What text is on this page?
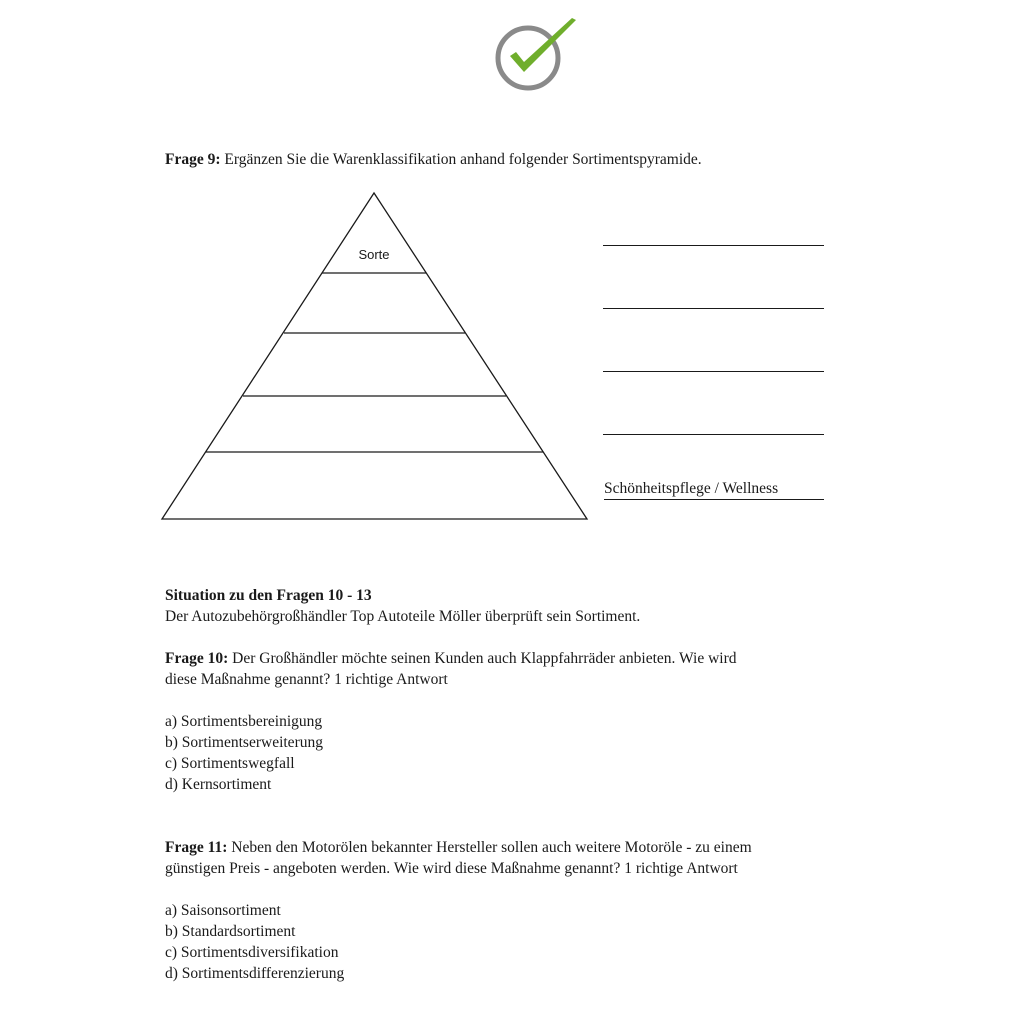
Frage 9: Ergänzen Sie die Warenklassifikation anhand folgender Sortimentspyramide.
Sorte
Schönheitspflege / Wellness

Situation zu den Fragen 10 - 13

Der Autozubehörgroßhändler Top Autoteile Möller überprüft sein Sortiment.

Frage 10: Der Großhändler möchte seinen Kunden auch Klappfahrräder anbieten. Wie wird

diese Maßnahme genannt? 1 richtige Antwort

a) Sortimentsbereinigung
b) Sortimentserweiterung
c) Sortimentswegfall
d) Kernsortiment

Frage 11: Neben den Motorölen bekannter Hersteller sollen auch weitere Motoröle - zu einem

günstigen Preis - angeboten werden. Wie wird diese Maßnahme genannt? 1 richtige Antwort

a) Saisonsortiment
b) Standardsortiment
c) Sortimentsdiversifikation
d) Sortimentsdifferenzierung
